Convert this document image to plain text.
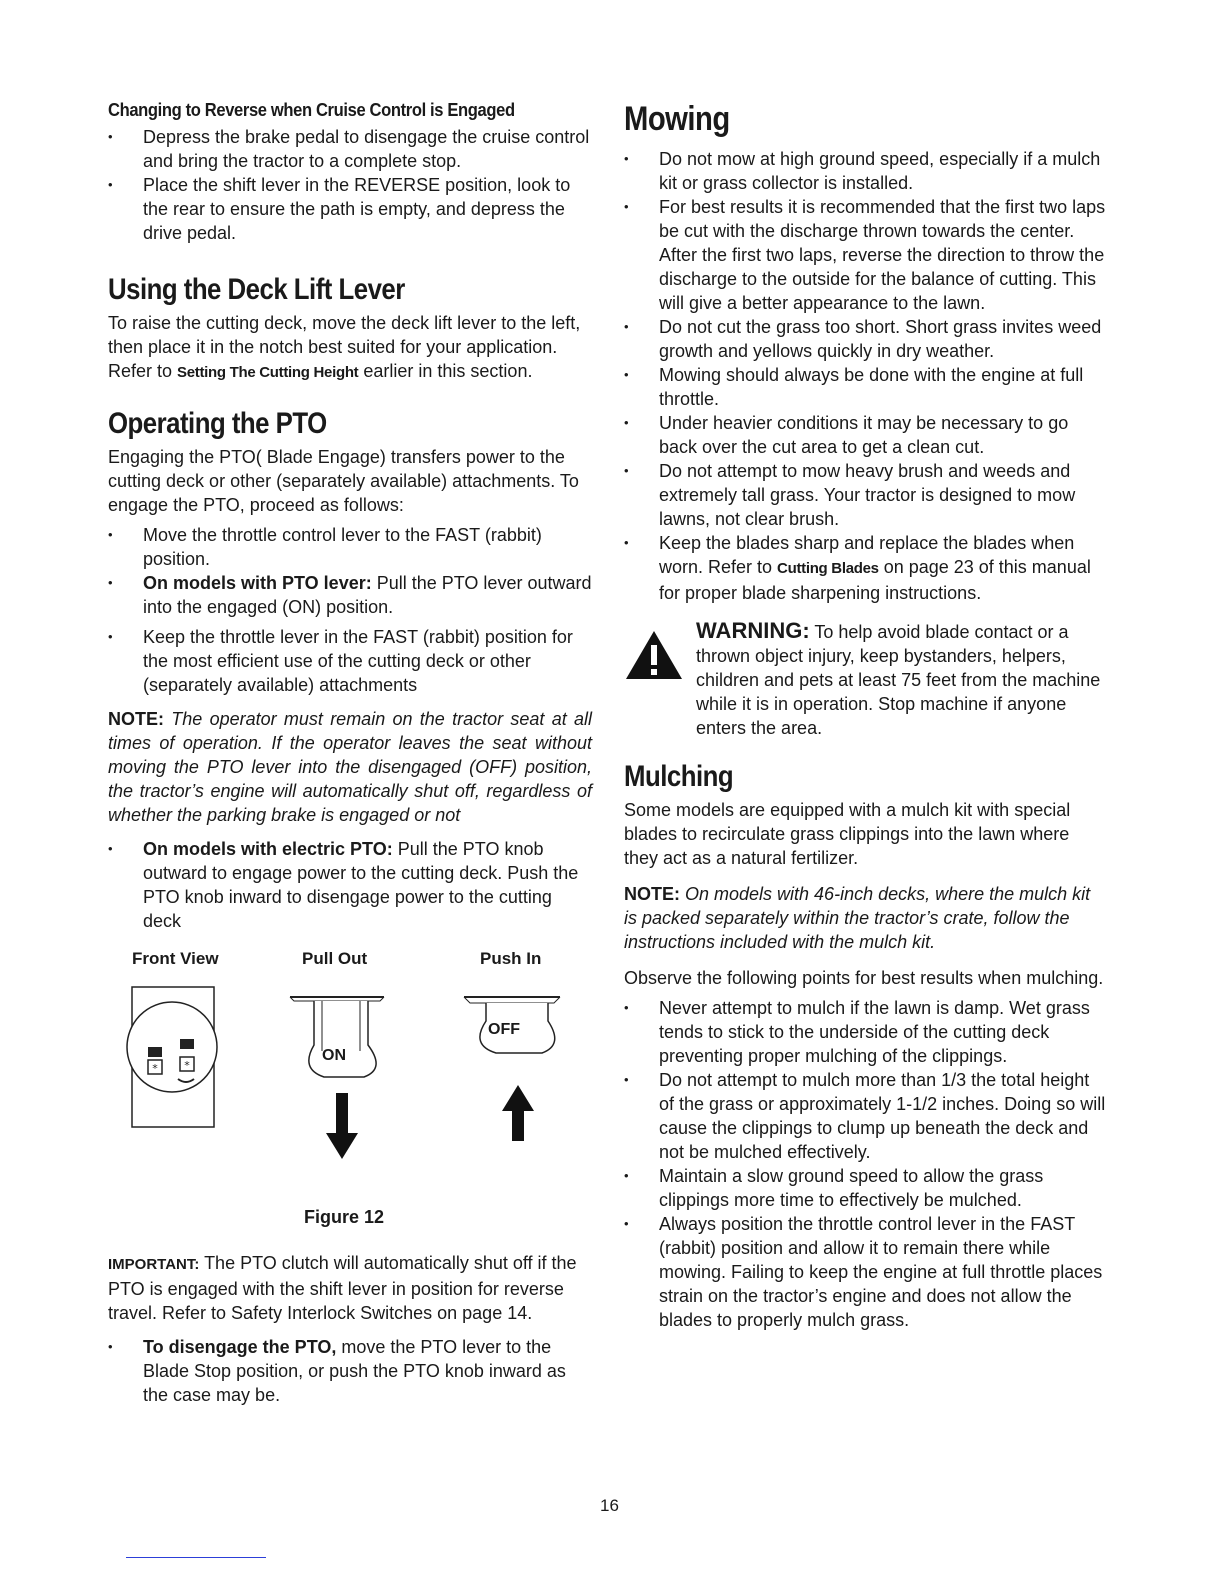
Changing to Reverse when Cruise Control is Engaged
• Depress the brake pedal to disengage the cruise control and bring the tractor to a complete stop.
• Place the shift lever in the REVERSE position, look to the rear to ensure the path is empty, and depress the drive pedal.
Using the Deck Lift Lever

To raise the cutting deck, move the deck lift lever to the left, then place it in the notch best suited for your application. Refer to Setting The Cutting Height earlier in this section.

Operating the PTO

Engaging the PTO( Blade Engage) transfers power to the cutting deck or other (separately available) attachments. To engage the PTO, proceed as follows:

• Move the throttle control lever to the FAST (rabbit) position.
• On models with PTO lever: Pull the PTO lever outward into the engaged (ON) position.
• Keep the throttle lever in the FAST (rabbit) position for the most efficient use of the cutting deck or other (separately available) attachments

NOTE: The operator must remain on the tractor seat at all times of operation. If the operator leaves the seat without moving the PTO lever into the disengaged (OFF) position, the tractor’s engine will automatically shut off, regardless of whether the parking brake is engaged or not

• On models with electric PTO: Pull the PTO knob outward to engage power to the cutting deck. Push the PTO knob inward to disengage power to the cutting deck
Front View	Pull Out	Push In
* *
ON
OFF
Figure 12

IMPORTANT: The PTO clutch will automatically shut off if the PTO is engaged with the shift lever in position for reverse travel. Refer to Safety Interlock Switches on page 14.

• To disengage the PTO, move the PTO lever to the Blade Stop position, or push the PTO knob inward as the case may be.
Mowing
• Do not mow at high ground speed, especially if a mulch kit or grass collector is installed.
• For best results it is recommended that the first two laps be cut with the discharge thrown towards the center. After the first two laps, reverse the direction to throw the discharge to the outside for the balance of cutting. This will give a better appearance to the lawn.
• Do not cut the grass too short. Short grass invites weed growth and yellows quickly in dry weather.
• Mowing should always be done with the engine at full throttle.
• Under heavier conditions it may be necessary to go back over the cut area to get a clean cut.
• Do not attempt to mow heavy brush and weeds and extremely tall grass. Your tractor is designed to mow lawns, not clear brush.
• Keep the blades sharp and replace the blades when worn. Refer to Cutting Blades on page 23 of this manual for proper blade sharpening instructions.

WARNING: To help avoid blade contact or a thrown object injury, keep bystanders, helpers, children and pets at least 75 feet from the machine while it is in operation. Stop machine if anyone enters the area.

Mulching

Some models are equipped with a mulch kit with special blades to recirculate grass clippings into the lawn where they act as a natural fertilizer.

NOTE: On models with 46-inch decks, where the mulch kit is packed separately within the tractor’s crate, follow the instructions included with the mulch kit.

Observe the following points for best results when mulching.

• Never attempt to mulch if the lawn is damp. Wet grass tends to stick to the underside of the cutting deck preventing proper mulching of the clippings.
• Do not attempt to mulch more than 1/3 the total height of the grass or approximately 1-1/2 inches. Doing so will cause the clippings to clump up beneath the deck and not be mulched effectively.
• Maintain a slow ground speed to allow the grass clippings more time to effectively be mulched.
• Always position the throttle control lever in the FAST (rabbit) position and allow it to remain there while mowing. Failing to keep the engine at full throttle places strain on the tractor’s engine and does not allow the blades to properly mulch grass.
16
